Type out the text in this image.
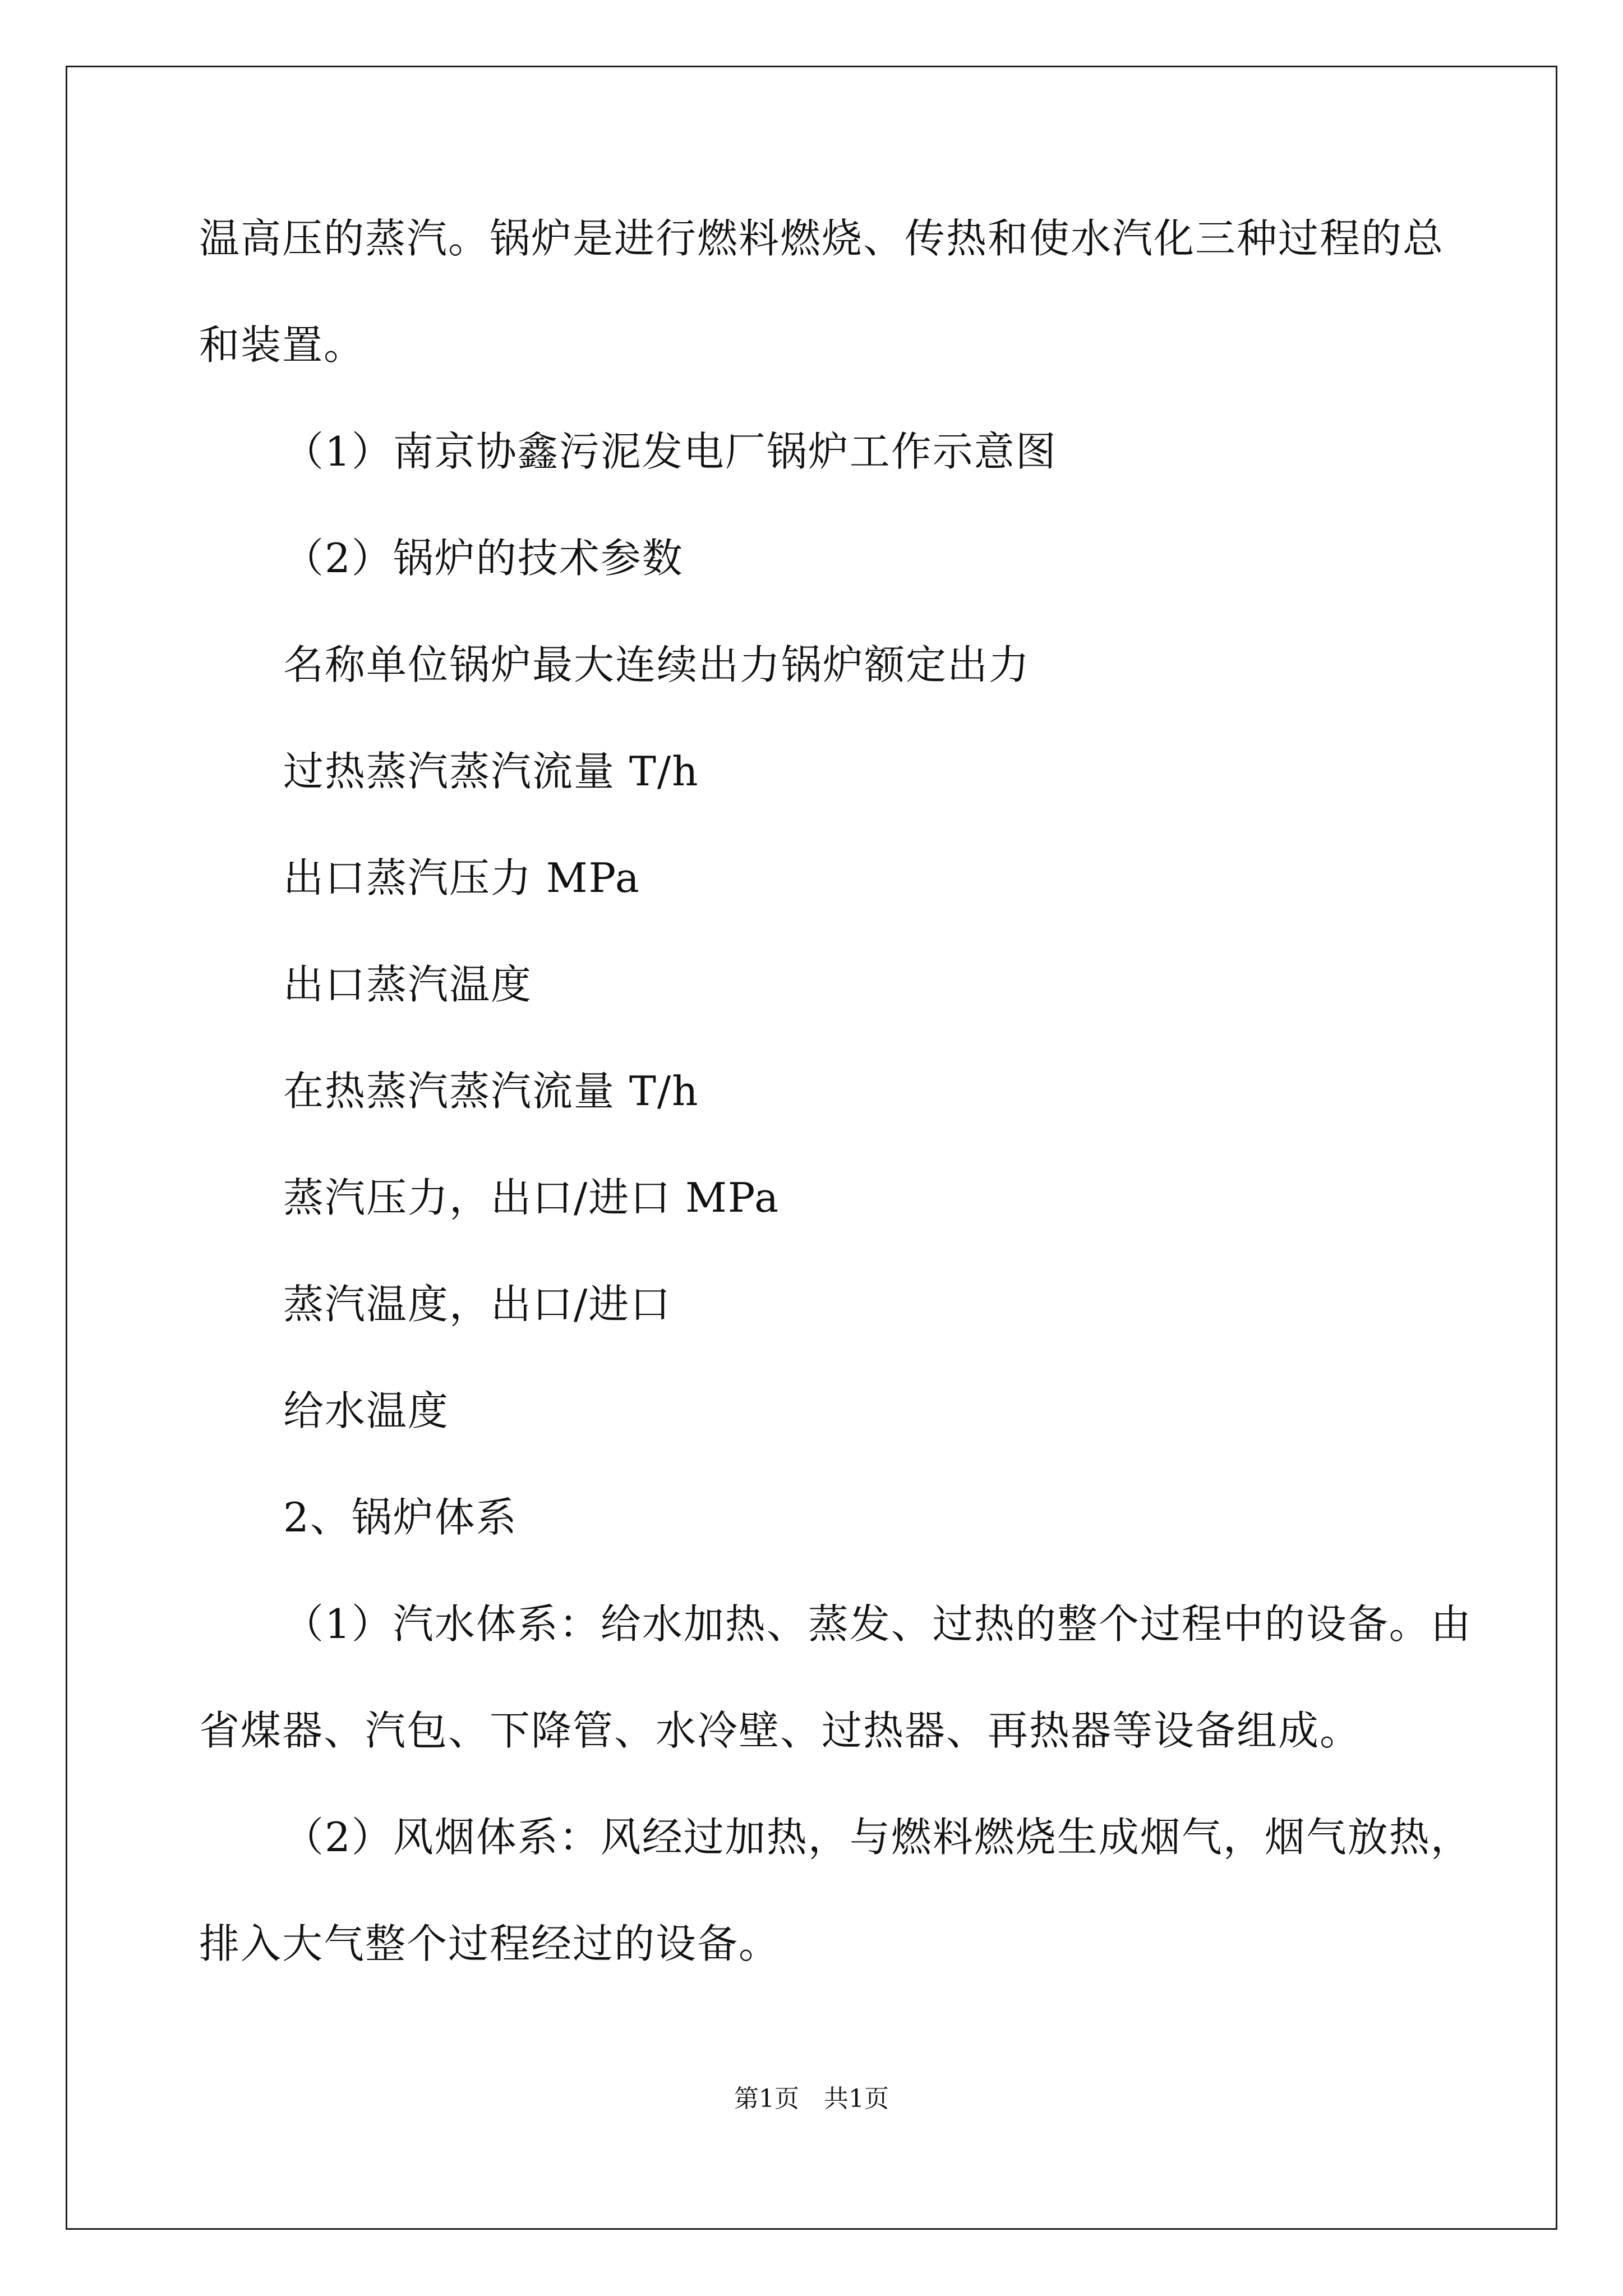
温高压的蒸汽。锅炉是进行燃料燃烧、传热和使水汽化三种过程的总
和装置。
（1）南京协鑫污泥发电厂锅炉工作示意图
（2）锅炉的技术参数
名称单位锅炉最大连续出力锅炉额定出力
过热蒸汽蒸汽流量 T/h
出口蒸汽压力 MPa
出口蒸汽温度
在热蒸汽蒸汽流量 T/h
蒸汽压力，出口/进口 MPa
蒸汽温度，出口/进口
给水温度
2、锅炉体系
（1）汽水体系：给水加热、蒸发、过热的整个过程中的设备。由
省煤器、汽包、下降管、水冷壁、过热器、再热器等设备组成。
（2）风烟体系：风经过加热，与燃料燃烧生成烟气，烟气放热，
排入大气整个过程经过的设备。
第1页　共1页
